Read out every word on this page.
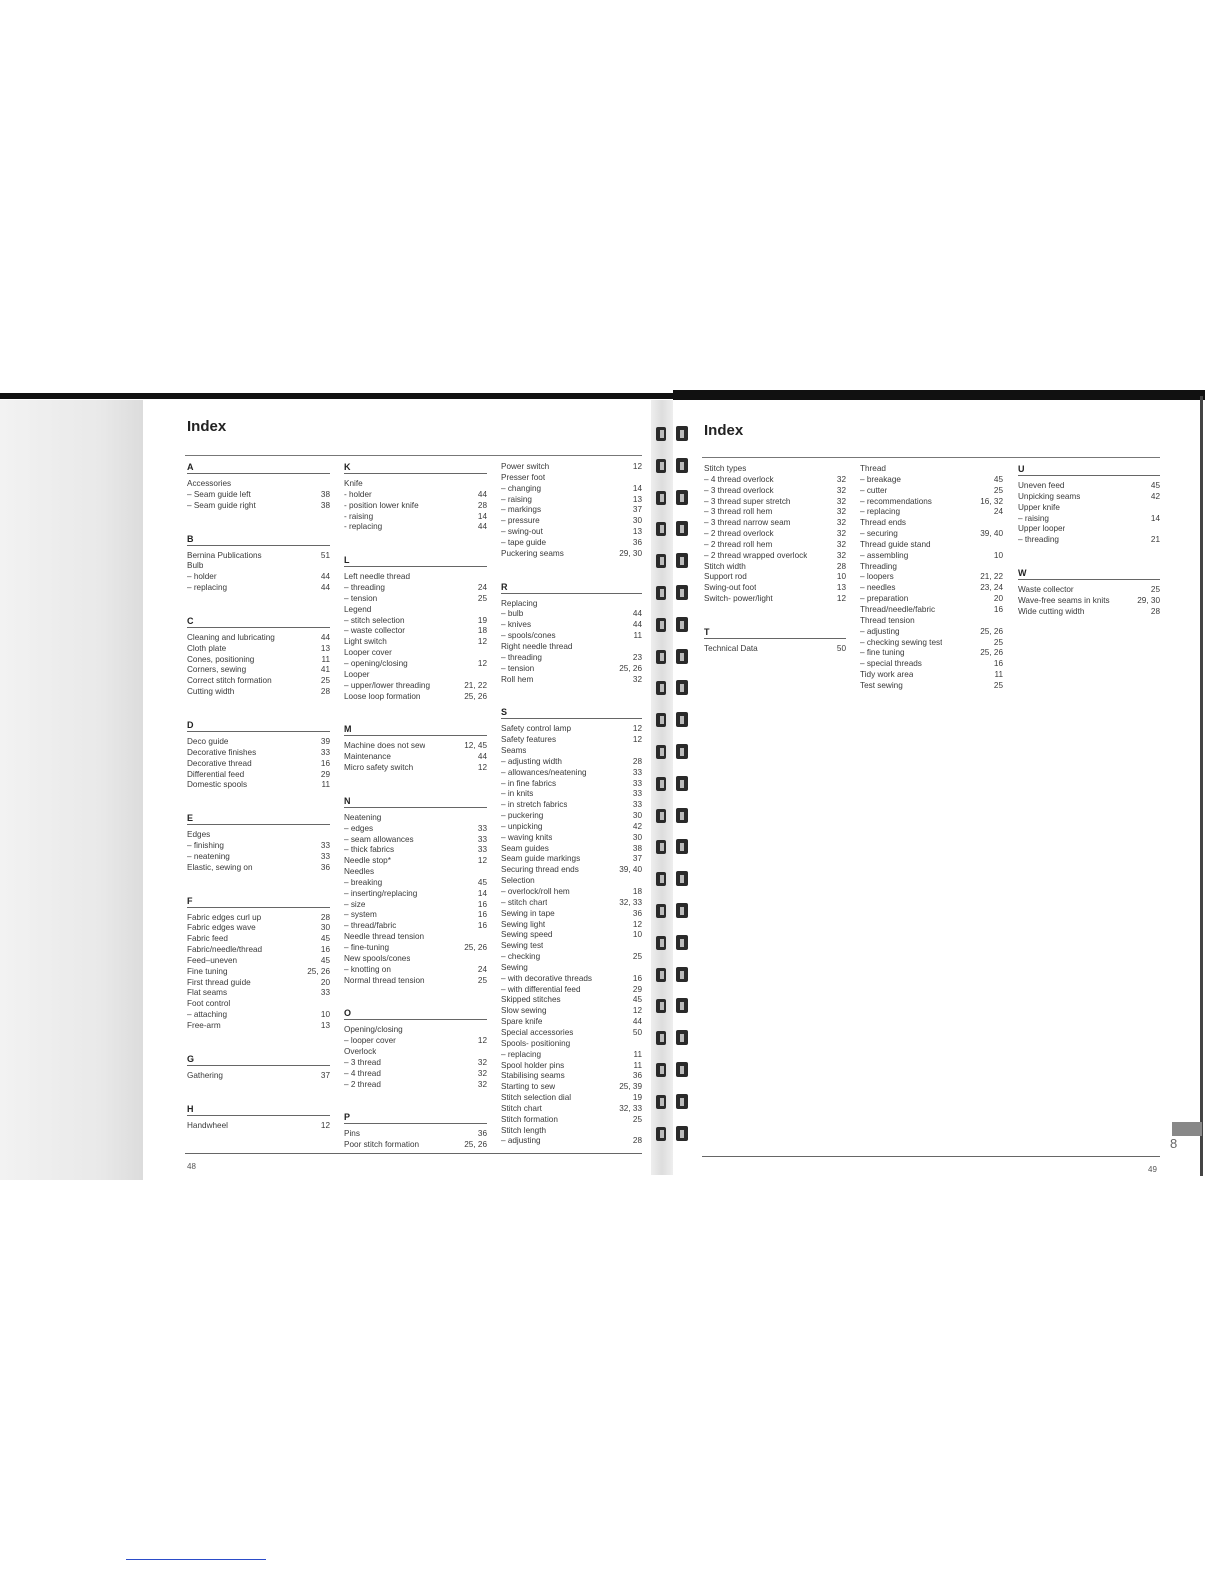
Index	Index
A
Accessories
– Seam guide left	38
– Seam guide right	38
B
Bernina Publications	51
Bulb
– holder	44
– replacing	44
C
Cleaning and lubricating	44
Cloth plate	13
Cones, positioning	11
Corners, sewing	41
Correct stitch formation	25
Cutting width	28
D
Deco guide	39
Decorative finishes	33
Decorative thread	16
Differential feed	29
Domestic spools	11
E
Edges
– finishing	33
– neatening	33
Elastic, sewing on	36
F
Fabric edges curl up	28
Fabric edges wave	30
Fabric feed	45
Fabric/needle/thread	16
Feed–uneven	45
Fine tuning	25, 26
First thread guide	20
Flat seams	33
Foot control
– attaching	10
Free-arm	13
G
Gathering	37
H
Handwheel	12
K
Knife
- holder	44
- position lower knife	28
- raising	14
- replacing	44
L
Left needle thread
– threading	24
– tension	25
Legend
– stitch selection	19
– waste collector	18
Light switch	12
Looper cover
– opening/closing	12
Looper
– upper/lower threading	21, 22
Loose loop formation	25, 26
M
Machine does not sew	12, 45
Maintenance	44
Micro safety switch	12
N
Neatening
– edges	33
– seam allowances	33
– thick fabrics	33
Needle stop*	12
Needles
– breaking	45
– inserting/replacing	14
– size	16
– system	16
– thread/fabric	16
Needle thread tension
– fine-tuning	25, 26
New spools/cones
– knotting on	24
Normal thread tension	25
O
Opening/closing
– looper cover	12
Overlock
– 3 thread	32
– 4 thread	32
– 2 thread	32
P
Pins	36
Poor stitch formation	25, 26
Power switch	12
Presser foot
– changing	14
– raising	13
– markings	37
– pressure	30
– swing-out	13
– tape guide	36
Puckering seams	29, 30
R
Replacing
– bulb	44
– knives	44
– spools/cones	11
Right needle thread
– threading	23
– tension	25, 26
Roll hem	32
S
Safety control lamp	12
Safety features	12
Seams
– adjusting width	28
– allowances/neatening	33
– in fine fabrics	33
– in knits	33
– in stretch fabrics	33
– puckering	30
– unpicking	42
– waving knits	30
Seam guides	38
Seam guide markings	37
Securing thread ends	39, 40
Selection
– overlock/roll hem	18
– stitch chart	32, 33
Sewing in tape	36
Sewing light	12
Sewing speed	10
Sewing test
– checking	25
Sewing
– with decorative threads	16
– with differential feed	29
Skipped stitches	45
Slow sewing	12
Spare knife	44
Special accessories	50
Spools- positioning
– replacing	11
Spool holder pins	11
Stabilising seams	36
Starting to sew	25, 39
Stitch selection dial	19
Stitch chart	32, 33
Stitch formation	25
Stitch length
– adjusting	28
Stitch types
– 4 thread overlock	32
– 3 thread overlock	32
– 3 thread super stretch	32
– 3 thread roll hem	32
– 3 thread narrow seam	32
– 2 thread overlock	32
– 2 thread roll hem	32
– 2 thread wrapped overlock	32
Stitch width	28
Support rod	10
Swing-out foot	13
Switch- power/light	12
T
Technical Data	50
Thread
– breakage	45
– cutter	25
– recommendations	16, 32
– replacing	24
Thread ends
– securing	39, 40
Thread guide stand
– assembling	10
Threading
– loopers	21, 22
– needles	23, 24
– preparation	20
Thread/needle/fabric	16
Thread tension
– adjusting	25, 26
– checking sewing test	25
– fine tuning	25, 26
– special threads	16
Tidy work area	11
Test sewing	25
U
Uneven feed	45
Unpicking seams	42
Upper knife
– raising	14
Upper looper
– threading	21
W
Waste collector	25
Wave-free seams in knits	29, 30
Wide cutting width	28
48	49
8
